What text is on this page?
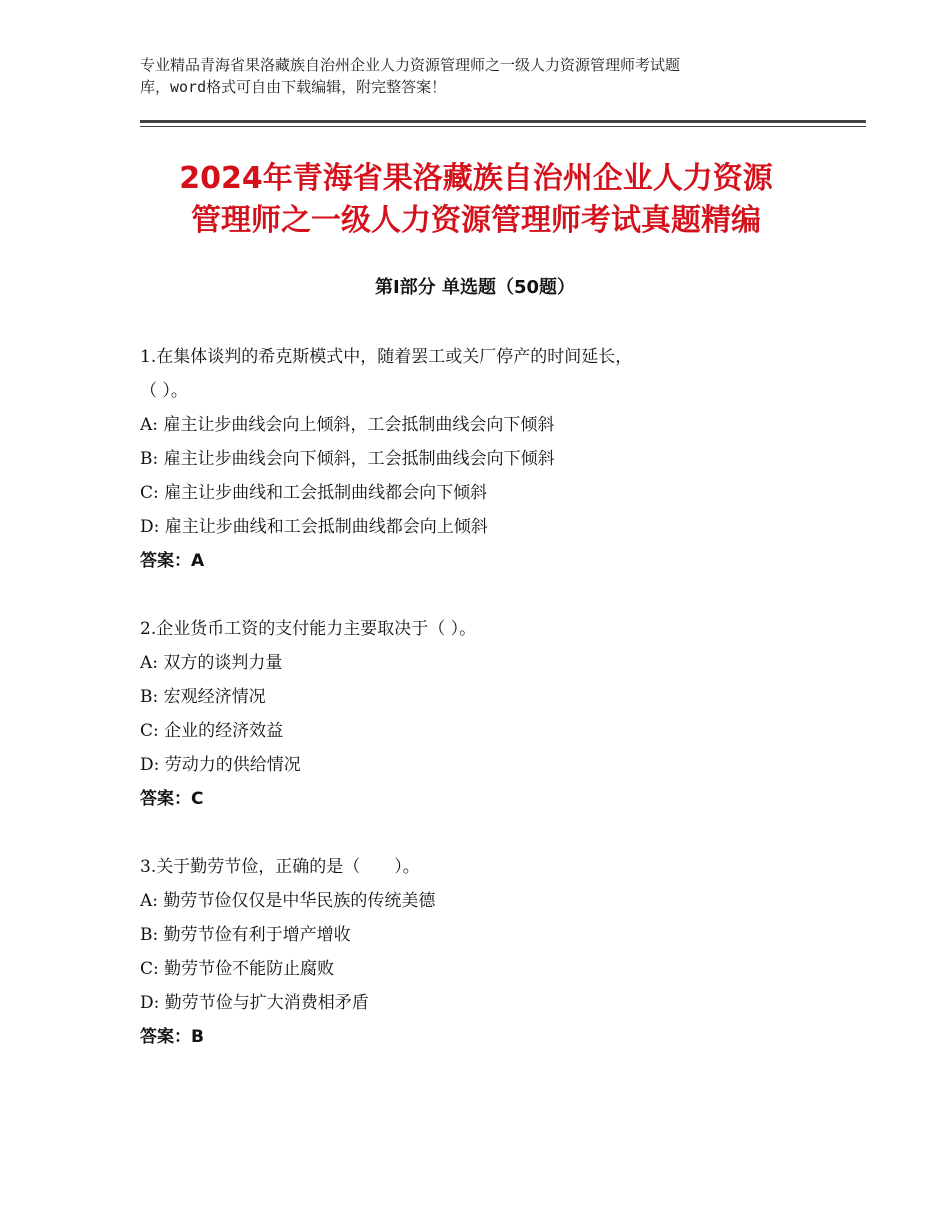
专业精品青海省果洛藏族自治州企业人力资源管理师之一级人力资源管理师考试题
库，word格式可自由下载编辑，附完整答案！
2024年青海省果洛藏族自治州企业人力资源
管理师之一级人力资源管理师考试真题精编
第Ⅰ部分 单选题（50题）
1.在集体谈判的希克斯模式中，随着罢工或关厂停产的时间延长，
（ ）。
A: 雇主让步曲线会向上倾斜，工会抵制曲线会向下倾斜
B: 雇主让步曲线会向下倾斜，工会抵制曲线会向下倾斜
C: 雇主让步曲线和工会抵制曲线都会向下倾斜
D: 雇主让步曲线和工会抵制曲线都会向上倾斜
答案：A
2.企业货币工资的支付能力主要取决于（ ）。
A: 双方的谈判力量
B: 宏观经济情况
C: 企业的经济效益
D: 劳动力的供给情况
答案：C
3.关于勤劳节俭，正确的是（　　）。
A: 勤劳节俭仅仅是中华民族的传统美德
B: 勤劳节俭有利于增产增收
C: 勤劳节俭不能防止腐败
D: 勤劳节俭与扩大消费相矛盾
答案：B
